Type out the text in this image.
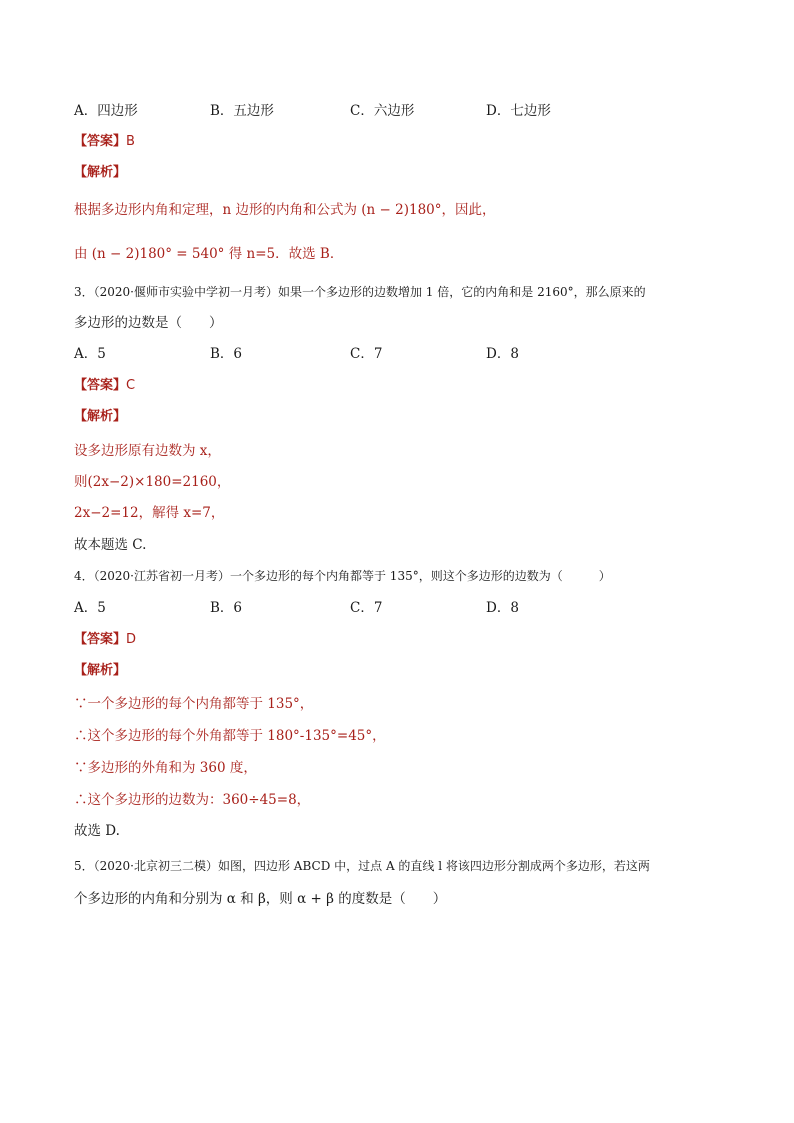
A．四边形	B．五边形	C．六边形	D．七边形
【答案】B
【解析】
根据多边形内角和定理，n 边形的内角和公式为 (n − 2)180°，因此，
由 (n − 2)180° = 540° 得 n=5．故选 B．
3．（2020·偃师市实验中学初一月考）如果一个多边形的边数增加 1 倍，它的内角和是 2160°，那么原来的
多边形的边数是（　　）
A．5	B．6	C．7	D．8
【答案】C
【解析】
设多边形原有边数为 x，
则(2x−2)×180=2160，
2x−2=12，解得 x=7，
故本题选 C.
4．（2020·江苏省初一月考）一个多边形的每个内角都等于 135°，则这个多边形的边数为（　　　）
A．5	B．6	C．7	D．8
【答案】D
【解析】
∵一个多边形的每个内角都等于 135°，
∴这个多边形的每个外角都等于 180°-135°=45°，
∵多边形的外角和为 360 度，
∴这个多边形的边数为：360÷45=8，
故选 D.
5．（2020·北京初三二模）如图，四边形 ABCD 中，过点 A 的直线 l 将该四边形分割成两个多边形，若这两
个多边形的内角和分别为 α 和 β，则 α + β 的度数是（　　）
